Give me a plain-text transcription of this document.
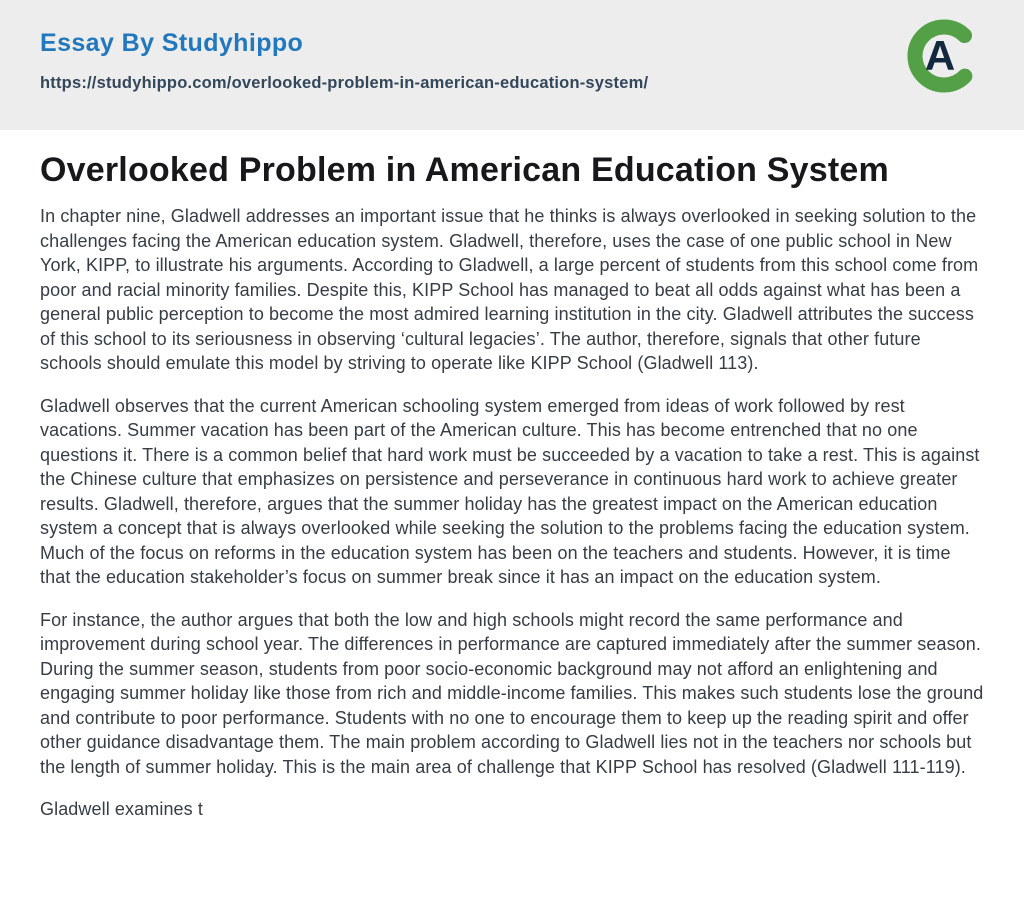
Essay By Studyhippo
https://studyhippo.com/overlooked-problem-in-american-education-system/
A
Overlooked Problem in American Education System

In chapter nine, Gladwell addresses an important issue that he thinks is always overlooked in seeking solution to the challenges facing the American education system. Gladwell, therefore, uses the case of one public school in New York, KIPP, to illustrate his arguments. According to Gladwell, a large percent of students from this school come from poor and racial minority families. Despite this, KIPP School has managed to beat all odds against what has been a general public perception to become the most admired learning institution in the city. Gladwell attributes the success of this school to its seriousness in observing ‘cultural legacies’. The author, therefore, signals that other future schools should emulate this model by striving to operate like KIPP School (Gladwell 113).

Gladwell observes that the current American schooling system emerged from ideas of work followed by rest vacations. Summer vacation has been part of the American culture. This has become entrenched that no one questions it. There is a common belief that hard work must be succeeded by a vacation to take a rest. This is against the Chinese culture that emphasizes on persistence and perseverance in continuous hard work to achieve greater results. Gladwell, therefore, argues that the summer holiday has the greatest impact on the American education system a concept that is always overlooked while seeking the solution to the problems facing the education system. Much of the focus on reforms in the education system has been on the teachers and students. However, it is time that the education stakeholder’s focus on summer break since it has an impact on the education system.

For instance, the author argues that both the low and high schools might record the same performance and improvement during school year. The differences in performance are captured immediately after the summer season. During the summer season, students from poor socio-economic background may not afford an enlightening and engaging summer holiday like those from rich and middle-income families. This makes such students lose the ground and contribute to poor performance. Students with no one to encourage them to keep up the reading spirit and offer other guidance disadvantage them. The main problem according to Gladwell lies not in the teachers nor schools but the length of summer holiday. This is the main area of challenge that KIPP School has resolved (Gladwell 111-119).

Gladwell examines t
